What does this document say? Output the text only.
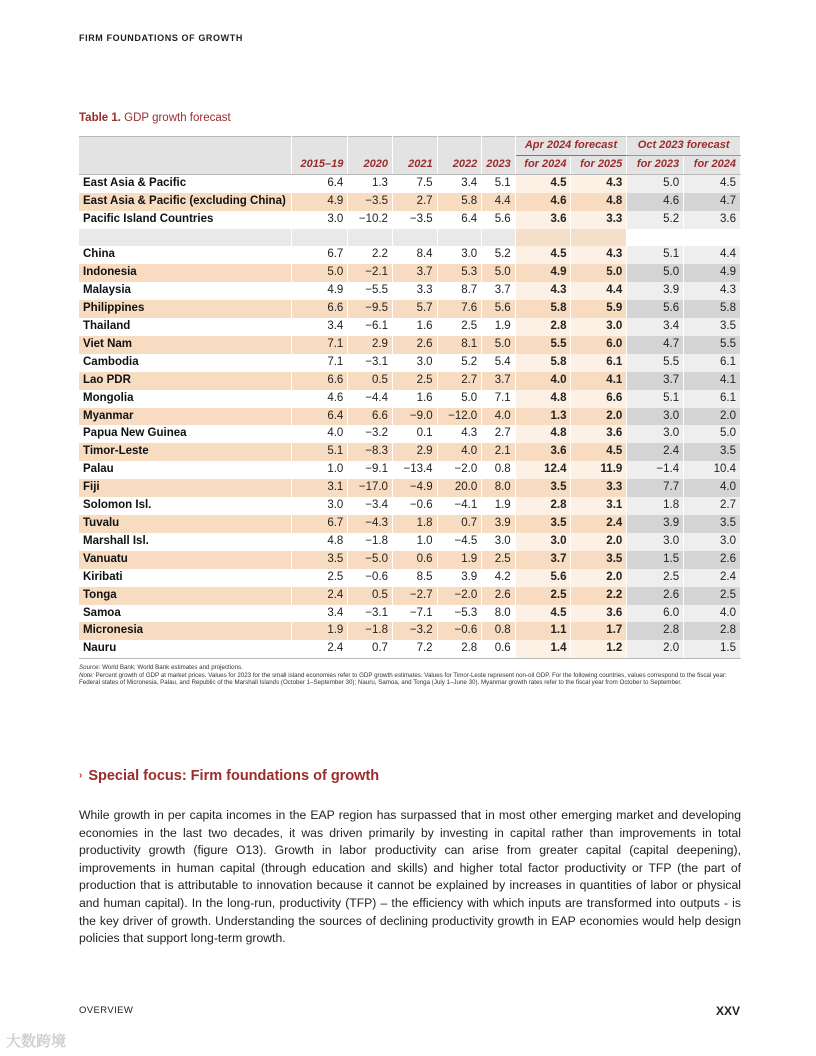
FIRM FOUNDATIONS OF GROWTH
Table 1. GDP growth forecast
						Apr 2024 forecast		Oct 2023 forecast	
	2015–19	2020	2021	2022	2023	for 2024	for 2025	for 2023	for 2024
East Asia & Pacific	6.4	1.3	7.5	3.4	5.1	4.5	4.3	5.0	4.5
East Asia & Pacific (excluding China)	4.9	−3.5	2.7	5.8	4.4	4.6	4.8	4.6	4.7
Pacific Island Countries	3.0	−10.2	−3.5	6.4	5.6	3.6	3.3	5.2	3.6

China	6.7	2.2	8.4	3.0	5.2	4.5	4.3	5.1	4.4
Indonesia	5.0	−2.1	3.7	5.3	5.0	4.9	5.0	5.0	4.9
Malaysia	4.9	−5.5	3.3	8.7	3.7	4.3	4.4	3.9	4.3
Philippines	6.6	−9.5	5.7	7.6	5.6	5.8	5.9	5.6	5.8
Thailand	3.4	−6.1	1.6	2.5	1.9	2.8	3.0	3.4	3.5
Viet Nam	7.1	2.9	2.6	8.1	5.0	5.5	6.0	4.7	5.5
Cambodia	7.1	−3.1	3.0	5.2	5.4	5.8	6.1	5.5	6.1
Lao PDR	6.6	0.5	2.5	2.7	3.7	4.0	4.1	3.7	4.1
Mongolia	4.6	−4.4	1.6	5.0	7.1	4.8	6.6	5.1	6.1
Myanmar	6.4	6.6	−9.0	−12.0	4.0	1.3	2.0	3.0	2.0
Papua New Guinea	4.0	−3.2	0.1	4.3	2.7	4.8	3.6	3.0	5.0
Timor-Leste	5.1	−8.3	2.9	4.0	2.1	3.6	4.5	2.4	3.5
Palau	1.0	−9.1	−13.4	−2.0	0.8	12.4	11.9	−1.4	10.4
Fiji	3.1	−17.0	−4.9	20.0	8.0	3.5	3.3	7.7	4.0
Solomon Isl.	3.0	−3.4	−0.6	−4.1	1.9	2.8	3.1	1.8	2.7
Tuvalu	6.7	−4.3	1.8	0.7	3.9	3.5	2.4	3.9	3.5
Marshall Isl.	4.8	−1.8	1.0	−4.5	3.0	3.0	2.0	3.0	3.0
Vanuatu	3.5	−5.0	0.6	1.9	2.5	3.7	3.5	1.5	2.6
Kiribati	2.5	−0.6	8.5	3.9	4.2	5.6	2.0	2.5	2.4
Tonga	2.4	0.5	−2.7	−2.0	2.6	2.5	2.2	2.6	2.5
Samoa	3.4	−3.1	−7.1	−5.3	8.0	4.5	3.6	6.0	4.0
Micronesia	1.9	−1.8	−3.2	−0.6	0.8	1.1	1.7	2.8	2.8
Nauru	2.4	0.7	7.2	2.8	0.6	1.4	1.2	2.0	1.5
Source: World Bank; World Bank estimates and projections.
Note: Percent growth of GDP at market prices. Values for 2023 for the small island economies refer to GDP growth estimates. Values for Timor-Leste represent non-oil GDP. For the following countries, values correspond to the fiscal year: Federal states of Micronesia, Palau, and Republic of the Marshall Islands (October 1–September 30); Nauru, Samoa, and Tonga (July 1–June 30). Myanmar growth rates refer to the fiscal year from October to September.
› Special focus: Firm foundations of growth
While growth in per capita incomes in the EAP region has surpassed that in most other emerging market and developing economies in the last two decades, it was driven primarily by investing in capital rather than improvements in total productivity growth (figure O13). Growth in labor productivity can arise from greater capital (capital deepening), improvements in human capital (through education and skills) and higher total factor productivity or TFP (the part of production that is attributable to innovation because it cannot be explained by increases in quantities of labor or physical and human capital). In the long-run, productivity (TFP) – the efficiency with which inputs are transformed into outputs - is the key driver of growth. Understanding the sources of declining productivity growth in EAP economies would help design policies that support long-term growth.
OVERVIEW	XXV
大数跨境
